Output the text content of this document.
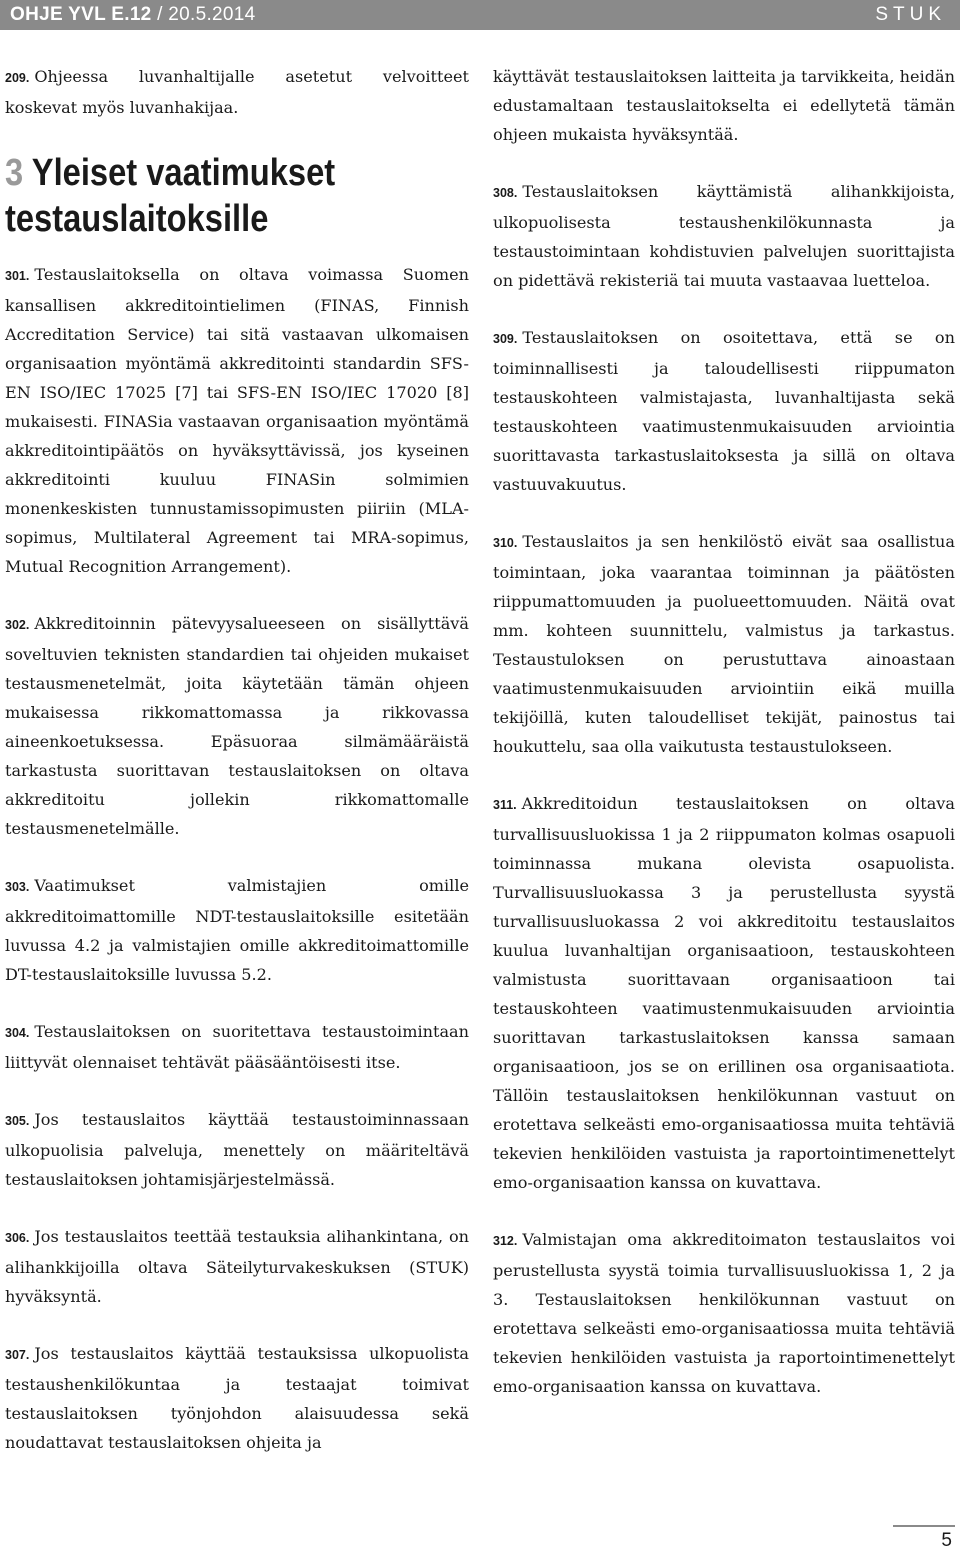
OHJE YVL E.12 / 20.5.2014	STUK

209. Ohjeessa luvanhaltijalle asetetut velvoitteet koskevat myös luvanhakijaa.

3 Yleiset vaatimukset testauslaitoksille

301. Testauslaitoksella on oltava voimassa Suomen kansallisen akkreditointielimen (FINAS, Finnish Accreditation Service) tai sitä vastaavan ulkomaisen organisaation myöntämä akkreditointi standardin SFS-EN ISO/IEC 17025 [7] tai SFS-EN ISO/IEC 17020 [8] mukaisesti. FINASia vastaavan organisaation myöntämä akkreditointipäätös on hyväksyttävissä, jos kyseinen akkreditointi kuuluu FINASin solmimien monenkeskisten tunnustamissopimusten piiriin (MLA-sopimus, Multilateral Agreement tai MRA-sopimus, Mutual Recognition Arrangement).

302. Akkreditoinnin pätevyysalueeseen on sisällyttävä soveltuvien teknisten standardien tai ohjeiden mukaiset testausmenetelmät, joita käytetään tämän ohjeen mukaisessa rikkomattomassa ja rikkovassa aineenkoetuksessa. Epäsuoraa silmämääräistä tarkastusta suorittavan testauslaitoksen on oltava akkreditoitu jollekin rikkomattomalle testausmenetelmälle.

303. Vaatimukset valmistajien omille akkreditoimattomille NDT-testauslaitoksille esitetään luvussa 4.2 ja valmistajien omille akkreditoimattomille DT-testauslaitoksille luvussa 5.2.

304. Testauslaitoksen on suoritettava testaustoimintaan liittyvät olennaiset tehtävät pääsääntöisesti itse.

305. Jos testauslaitos käyttää testaustoiminnassaan ulkopuolisia palveluja, menettely on määriteltävä testauslaitoksen johtamisjärjestelmässä.

306. Jos testauslaitos teettää testauksia alihankintana, on alihankkijoilla oltava Säteilyturvakeskuksen (STUK) hyväksyntä.

307. Jos testauslaitos käyttää testauksissa ulkopuolista testaushenkilökuntaa ja testaajat toimivat testauslaitoksen työnjohdon alaisuudessa sekä noudattavat testauslaitoksen ohjeita ja

käyttävät testauslaitoksen laitteita ja tarvikkeita, heidän edustamaltaan testauslaitokselta ei edellytetä tämän ohjeen mukaista hyväksyntää.

308. Testauslaitoksen käyttämistä alihankkijoista, ulkopuolisesta testaushenkilökunnasta ja testaustoimintaan kohdistuvien palvelujen suorittajista on pidettävä rekisteriä tai muuta vastaavaa luetteloa.

309. Testauslaitoksen on osoitettava, että se on toiminnallisesti ja taloudellisesti riippumaton testauskohteen valmistajasta, luvanhaltijasta sekä testauskohteen vaatimustenmukaisuuden arviointia suorittavasta tarkastuslaitoksesta ja sillä on oltava vastuuvakuutus.

310. Testauslaitos ja sen henkilöstö eivät saa osallistua toimintaan, joka vaarantaa toiminnan ja päätösten riippumattomuuden ja puolueettomuuden. Näitä ovat mm. kohteen suunnittelu, valmistus ja tarkastus. Testaustuloksen on perustuttava ainoastaan vaatimustenmukaisuuden arviointiin eikä muilla tekijöillä, kuten taloudelliset tekijät, painostus tai houkuttelu, saa olla vaikutusta testaustulokseen.

311. Akkreditoidun testauslaitoksen on oltava turvallisuusluokissa 1 ja 2 riippumaton kolmas osapuoli toiminnassa mukana olevista osapuolista. Turvallisuusluokassa 3 ja perustellusta syystä turvallisuusluokassa 2 voi akkreditoitu testauslaitos kuulua luvanhaltijan organisaatioon, testauskohteen valmistusta suorittavaan organisaatioon tai testauskohteen vaatimustenmukaisuuden arviointia suorittavan tarkastuslaitoksen kanssa samaan organisaatioon, jos se on erillinen osa organisaatiota. Tällöin testauslaitoksen henkilökunnan vastuut on erotettava selkeästi emo-organisaatiossa muita tehtäviä tekevien henkilöiden vastuista ja raportointimenettelyt emo-organisaation kanssa on kuvattava.

312. Valmistajan oma akkreditoimaton testauslaitos voi perustellusta syystä toimia turvallisuusluokissa 1, 2 ja 3. Testauslaitoksen henkilökunnan vastuut on erotettava selkeästi emo-organisaatiossa muita tehtäviä tekevien henkilöiden vastuista ja raportointimenettelyt emo-organisaation kanssa on kuvattava.

5
